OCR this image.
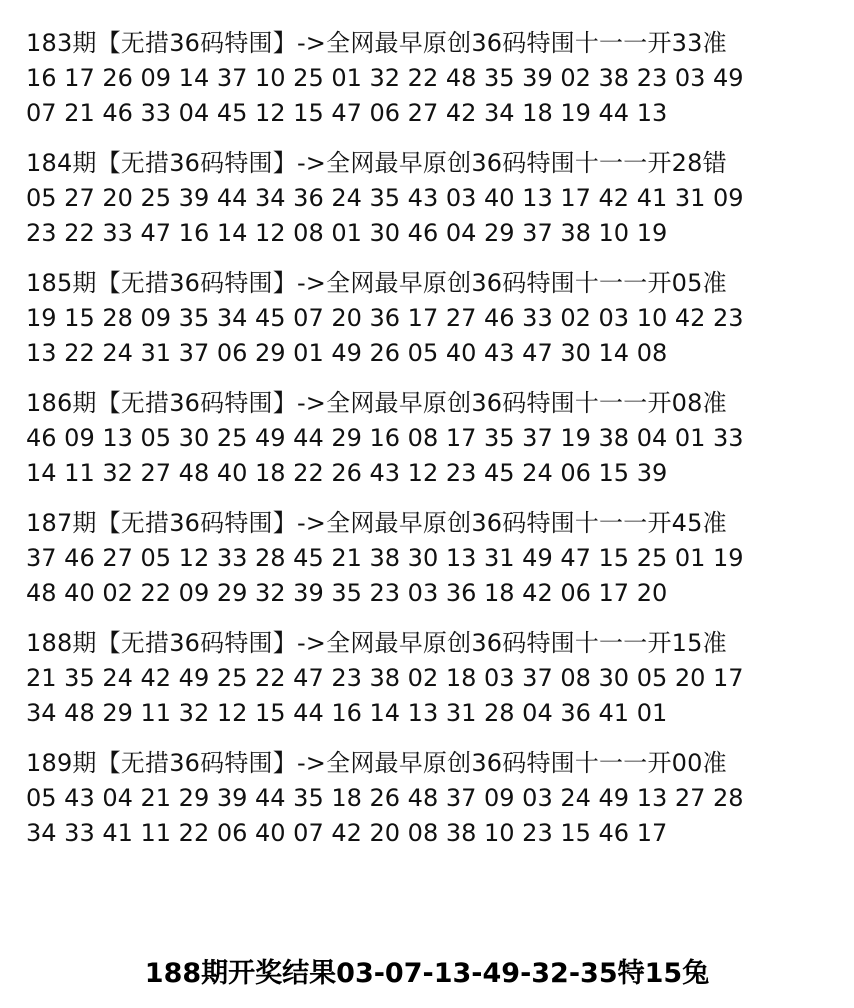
183期【无措36码特围】->全网最早原创36码特围十一一开33准
16 17 26 09 14 37 10 25 01 32 22 48 35 39 02 38 23 03 49
07 21 46 33 04 45 12 15 47 06 27 42 34 18 19 44 13
184期【无措36码特围】->全网最早原创36码特围十一一开28错
05 27 20 25 39 44 34 36 24 35 43 03 40 13 17 42 41 31 09
23 22 33 47 16 14 12 08 01 30 46 04 29 37 38 10 19
185期【无措36码特围】->全网最早原创36码特围十一一开05准
19 15 28 09 35 34 45 07 20 36 17 27 46 33 02 03 10 42 23
13 22 24 31 37 06 29 01 49 26 05 40 43 47 30 14 08
186期【无措36码特围】->全网最早原创36码特围十一一开08准
46 09 13 05 30 25 49 44 29 16 08 17 35 37 19 38 04 01 33
14 11 32 27 48 40 18 22 26 43 12 23 45 24 06 15 39
187期【无措36码特围】->全网最早原创36码特围十一一开45准
37 46 27 05 12 33 28 45 21 38 30 13 31 49 47 15 25 01 19
48 40 02 22 09 29 32 39 35 23 03 36 18 42 06 17 20
188期【无措36码特围】->全网最早原创36码特围十一一开15准
21 35 24 42 49 25 22 47 23 38 02 18 03 37 08 30 05 20 17
34 48 29 11 32 12 15 44 16 14 13 31 28 04 36 41 01
189期【无措36码特围】->全网最早原创36码特围十一一开00准
05 43 04 21 29 39 44 35 18 26 48 37 09 03 24 49 13 27 28
34 33 41 11 22 06 40 07 42 20 08 38 10 23 15 46 17
188期开奖结果03-07-13-49-32-35特15兔
